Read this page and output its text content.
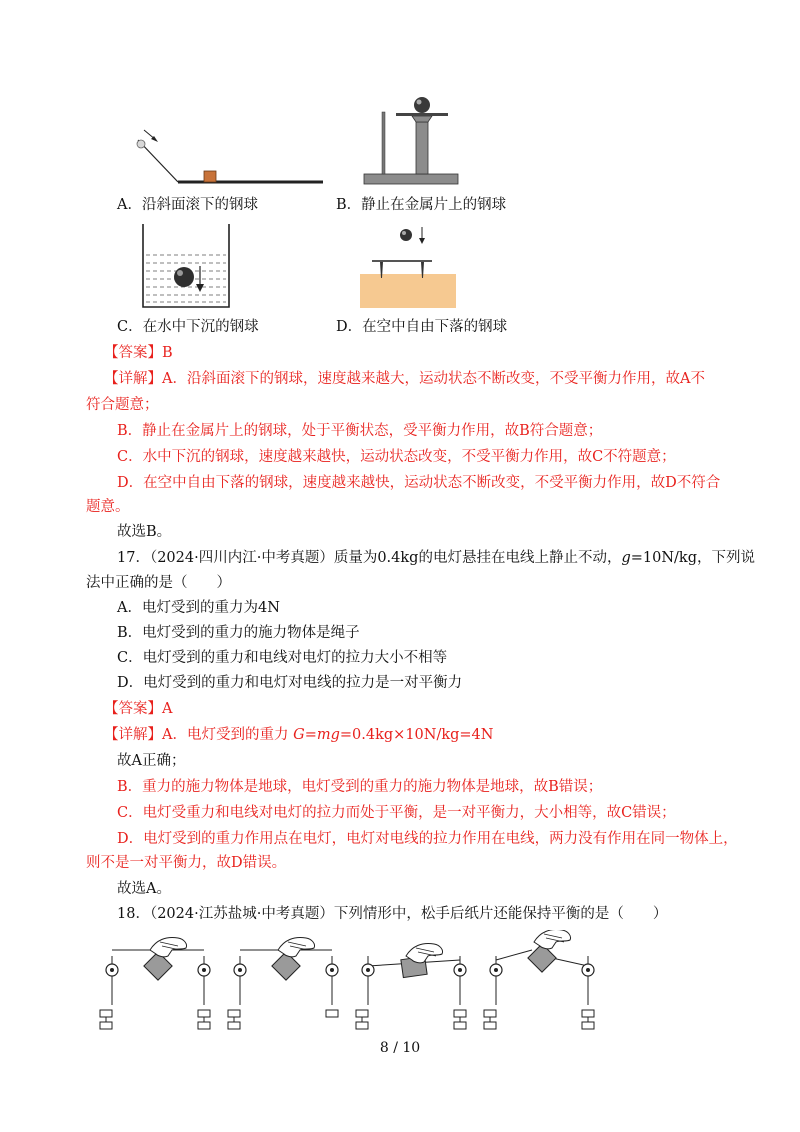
A．沿斜面滚下的钢球	B．静止在金属片上的钢球
C．在水中下沉的钢球	D．在空中自由下落的钢球
【答案】B
【详解】A．沿斜面滚下的钢球，速度越来越大，运动状态不断改变，不受平衡力作用，故A不
符合题意；
B．静止在金属片上的钢球，处于平衡状态，受平衡力作用，故B符合题意；
C．水中下沉的钢球，速度越来越快，运动状态改变，不受平衡力作用，故C不符题意；
D．在空中自由下落的钢球，速度越来越快，运动状态不断改变，不受平衡力作用，故D不符合
题意。
故选B。
17．（2024·四川内江·中考真题）质量为0.4kg的电灯悬挂在电线上静止不动，g=10N/kg，下列说
法中正确的是（　　）
A．电灯受到的重力为4N
B．电灯受到的重力的施力物体是绳子
C．电灯受到的重力和电线对电灯的拉力大小不相等
D．电灯受到的重力和电灯对电线的拉力是一对平衡力
【答案】A
【详解】A．电灯受到的重力 G=mg=0.4kg×10N/kg=4N
故A正确；
B．重力的施力物体是地球，电灯受到的重力的施力物体是地球，故B错误；
C．电灯受重力和电线对电灯的拉力而处于平衡，是一对平衡力，大小相等，故C错误；
D．电灯受到的重力作用点在电灯，电灯对电线的拉力作用在电线，两力没有作用在同一物体上，
则不是一对平衡力，故D错误。
故选A。
18．（2024·江苏盐城·中考真题）下列情形中，松手后纸片还能保持平衡的是（　　）
8 / 10
